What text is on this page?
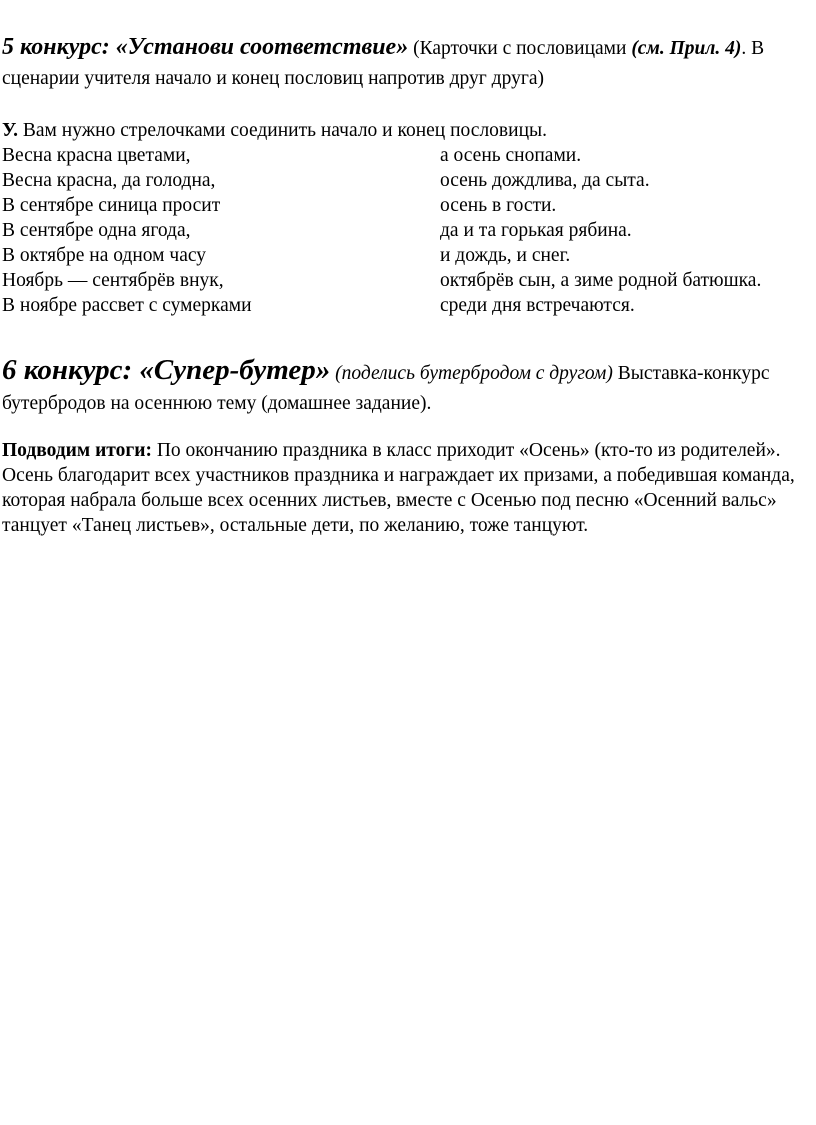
5 конкурс: «Установи соответствие» (Карточки с пословицами (см. Прил. 4). В сценарии учителя начало и конец пословиц напротив друг друга)
У. Вам нужно стрелочками соединить начало и конец пословицы.
Весна красна цветами,	а осень снопами.
Весна красна, да голодна,	осень дождлива, да сыта.
В сентябре синица просит	осень в гости.
В сентябре одна ягода,	да и та горькая рябина.
В октябре на одном часу	и дождь, и снег.
Ноябрь — сентябрёв внук,	октябрёв сын, а зиме родной батюшка.
В ноябре рассвет с сумерками	среди дня встречаются.
6 конкурс: «Супер-бутер» (поделись бутербродом с другом) Выставка-конкурс бутербродов на осеннюю тему (домашнее задание).
Подводим итоги: По окончанию праздника в класс приходит «Осень» (кто-то из родителей». Осень благодарит всех участников праздника и награждает их призами, а победившая команда, которая набрала больше всех осенних листьев, вместе с Осенью под песню «Осенний вальс» танцует «Танец листьев», остальные дети, по желанию, тоже танцуют.
